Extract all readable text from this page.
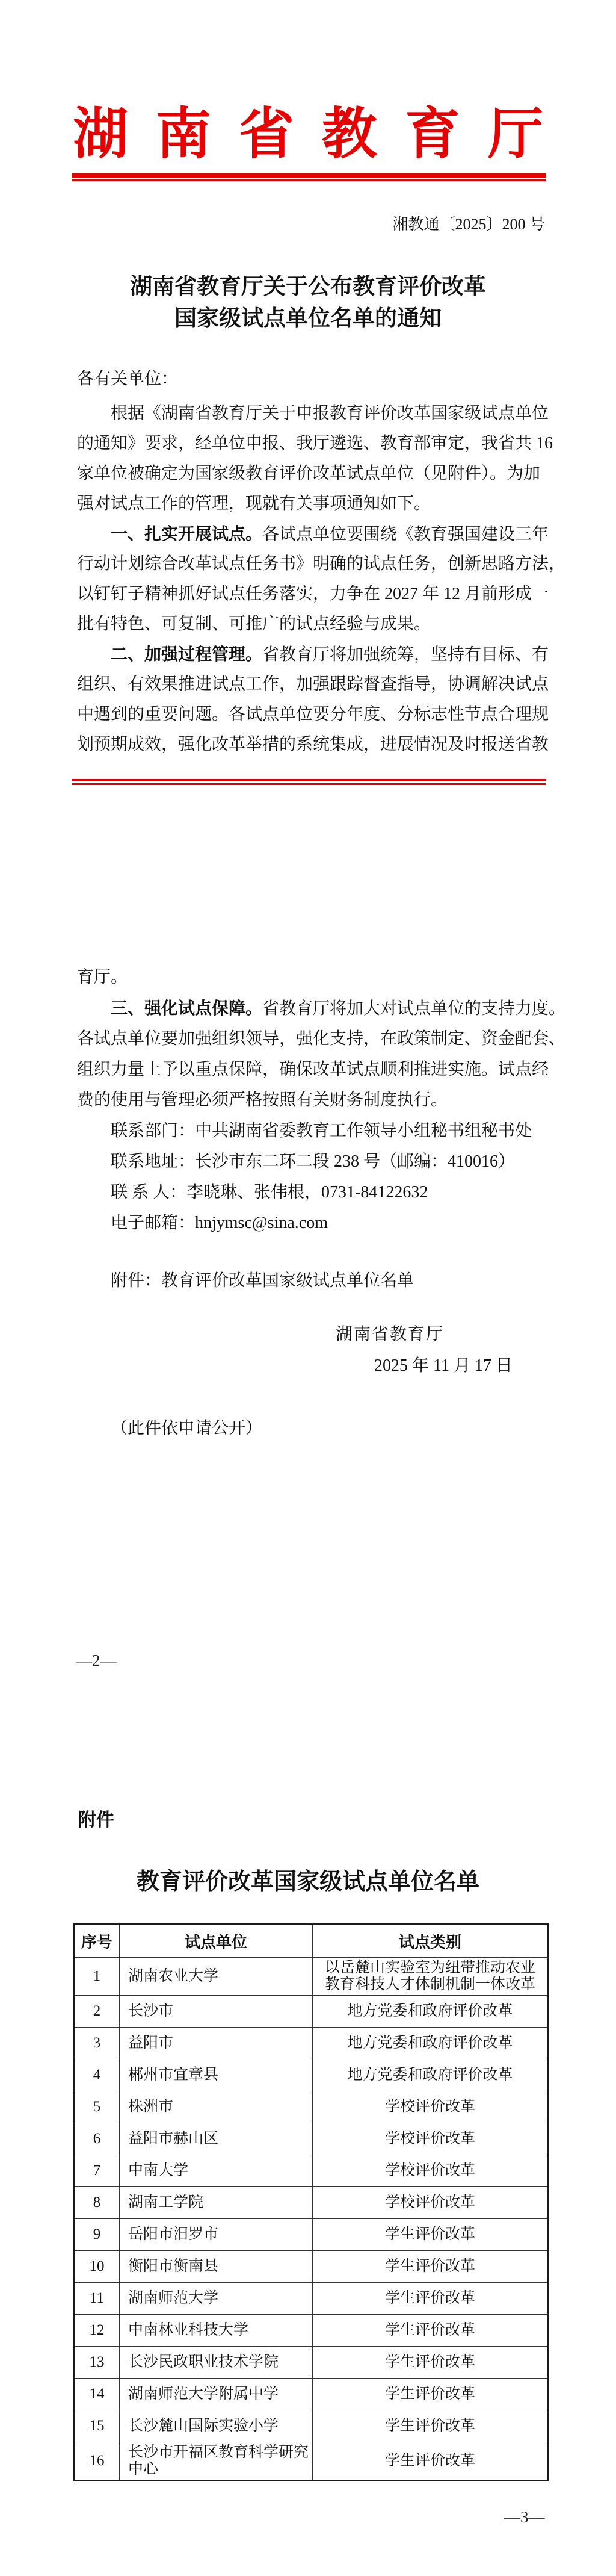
湖南省教育厅
湘教通〔2025〕200 号
湖南省教育厅关于公布教育评价改革
国家级试点单位名单的通知
各有关单位：
根据《湖南省教育厅关于申报教育评价改革国家级试点单位
的通知》要求，经单位申报、我厅遴选、教育部审定，我省共 16
家单位被确定为国家级教育评价改革试点单位（见附件）。为加
强对试点工作的管理，现就有关事项通知如下。
一、扎实开展试点。各试点单位要围绕《教育强国建设三年
行动计划综合改革试点任务书》明确的试点任务，创新思路方法，
以钉钉子精神抓好试点任务落实，力争在 2027 年 12 月前形成一
批有特色、可复制、可推广的试点经验与成果。
二、加强过程管理。省教育厅将加强统筹，坚持有目标、有
组织、有效果推进试点工作，加强跟踪督查指导，协调解决试点
中遇到的重要问题。各试点单位要分年度、分标志性节点合理规
划预期成效，强化改革举措的系统集成，进展情况及时报送省教
育厅。
三、强化试点保障。省教育厅将加大对试点单位的支持力度。
各试点单位要加强组织领导，强化支持，在政策制定、资金配套、
组织力量上予以重点保障，确保改革试点顺利推进实施。试点经
费的使用与管理必须严格按照有关财务制度执行。
联系部门：中共湖南省委教育工作领导小组秘书组秘书处
联系地址：长沙市东二环二段 238 号（邮编：410016）
联 系 人：李晓琳、张伟根，0731-84122632
电子邮箱：hnjymsc@sina.com
附件：教育评价改革国家级试点单位名单
湖南省教育厅
2025 年 11 月 17 日
（此件依申请公开）
—2—
—3—
附件
教育评价改革国家级试点单位名单
序号	试点单位	试点类别
1	湖南农业大学	以岳麓山实验室为纽带推动农业教育科技人才体制机制一体改革
2	长沙市	地方党委和政府评价改革
3	益阳市	地方党委和政府评价改革
4	郴州市宜章县	地方党委和政府评价改革
5	株洲市	学校评价改革
6	益阳市赫山区	学校评价改革
7	中南大学	学校评价改革
8	湖南工学院	学校评价改革
9	岳阳市汨罗市	学生评价改革
10	衡阳市衡南县	学生评价改革
11	湖南师范大学	学生评价改革
12	中南林业科技大学	学生评价改革
13	长沙民政职业技术学院	学生评价改革
14	湖南师范大学附属中学	学生评价改革
15	长沙麓山国际实验小学	学生评价改革
16	长沙市开福区教育科学研究中心	学生评价改革
